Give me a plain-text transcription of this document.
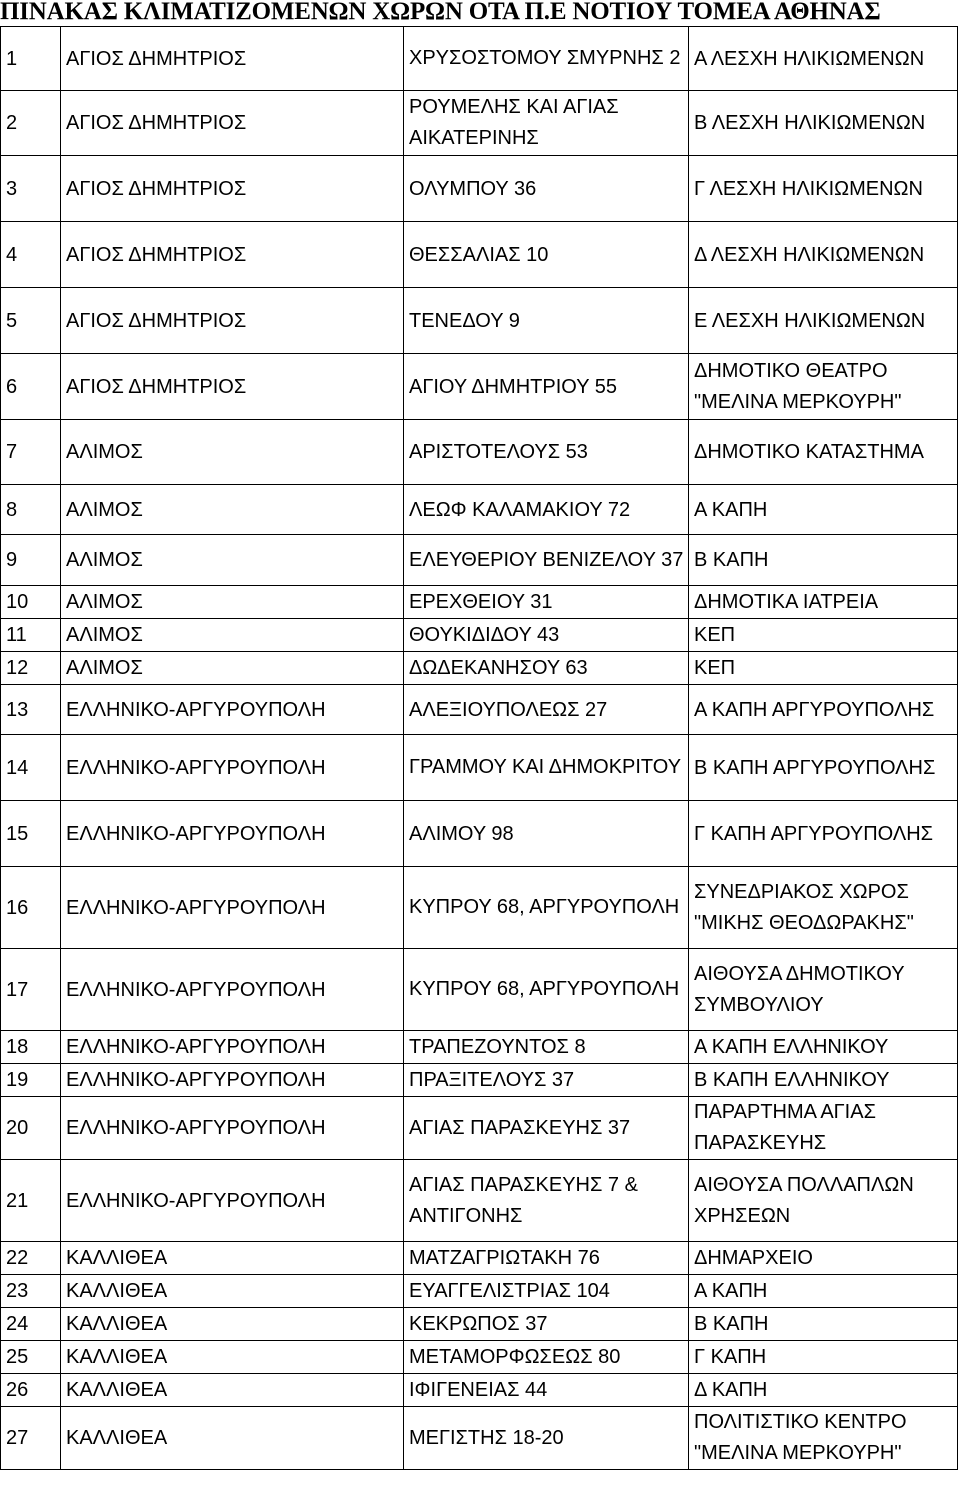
ΠΙΝΑΚΑΣ ΚΛΙΜΑΤΙΖΟΜΕΝΩΝ ΧΩΡΩΝ ΟΤΑ Π.Ε ΝΟΤΙΟΥ ΤΟΜΕΑ ΑΘΗΝΑΣ
1	ΑΓΙΟΣ ΔΗΜΗΤΡΙΟΣ	ΧΡΥΣΟΣΤΟΜΟΥ ΣΜΥΡΝΗΣ 2	Α ΛΕΣΧΗ ΗΛΙΚΙΩΜΕΝΩΝ
2	ΑΓΙΟΣ ΔΗΜΗΤΡΙΟΣ	ΡΟΥΜΕΛΗΣ ΚΑΙ ΑΓΙΑΣ ΑΙΚΑΤΕΡΙΝΗΣ	Β ΛΕΣΧΗ ΗΛΙΚΙΩΜΕΝΩΝ
3	ΑΓΙΟΣ ΔΗΜΗΤΡΙΟΣ	ΟΛΥΜΠΟΥ 36	Γ ΛΕΣΧΗ ΗΛΙΚΙΩΜΕΝΩΝ
4	ΑΓΙΟΣ ΔΗΜΗΤΡΙΟΣ	ΘΕΣΣΑΛΙΑΣ 10	Δ ΛΕΣΧΗ ΗΛΙΚΙΩΜΕΝΩΝ
5	ΑΓΙΟΣ ΔΗΜΗΤΡΙΟΣ	ΤΕΝΕΔΟΥ 9	Ε ΛΕΣΧΗ ΗΛΙΚΙΩΜΕΝΩΝ
6	ΑΓΙΟΣ ΔΗΜΗΤΡΙΟΣ	ΑΓΙΟΥ ΔΗΜΗΤΡΙΟΥ 55	ΔΗΜΟΤΙΚΟ ΘΕΑΤΡΟ "ΜΕΛΙΝΑ ΜΕΡΚΟΥΡΗ"
7	ΑΛΙΜΟΣ	ΑΡΙΣΤΟΤΕΛΟΥΣ 53	ΔΗΜΟΤΙΚΟ ΚΑΤΑΣΤΗΜΑ
8	ΑΛΙΜΟΣ	ΛΕΩΦ ΚΑΛΑΜΑΚΙΟΥ 72	Α ΚΑΠΗ
9	ΑΛΙΜΟΣ	ΕΛΕΥΘΕΡΙΟΥ ΒΕΝΙΖΕΛΟΥ 37	Β ΚΑΠΗ
10	ΑΛΙΜΟΣ	ΕΡΕΧΘΕΙΟΥ 31	ΔΗΜΟΤΙΚΑ ΙΑΤΡΕΙΑ
11	ΑΛΙΜΟΣ	ΘΟΥΚΙΔΙΔΟΥ 43	ΚΕΠ
12	ΑΛΙΜΟΣ	ΔΩΔΕΚΑΝΗΣΟΥ 63	ΚΕΠ
13	ΕΛΛΗΝΙΚΟ-ΑΡΓΥΡΟΥΠΟΛΗ	ΑΛΕΞΙΟΥΠΟΛΕΩΣ 27	Α ΚΑΠΗ ΑΡΓΥΡΟΥΠΟΛΗΣ
14	ΕΛΛΗΝΙΚΟ-ΑΡΓΥΡΟΥΠΟΛΗ	ΓΡΑΜΜΟΥ ΚΑΙ ΔΗΜΟΚΡΙΤΟΥ	Β ΚΑΠΗ ΑΡΓΥΡΟΥΠΟΛΗΣ
15	ΕΛΛΗΝΙΚΟ-ΑΡΓΥΡΟΥΠΟΛΗ	ΑΛΙΜΟΥ 98	Γ ΚΑΠΗ ΑΡΓΥΡΟΥΠΟΛΗΣ
16	ΕΛΛΗΝΙΚΟ-ΑΡΓΥΡΟΥΠΟΛΗ	ΚΥΠΡΟΥ 68, ΑΡΓΥΡΟΥΠΟΛΗ	ΣΥΝΕΔΡΙΑΚΟΣ ΧΩΡΟΣ "ΜΙΚΗΣ ΘΕΟΔΩΡΑΚΗΣ"
17	ΕΛΛΗΝΙΚΟ-ΑΡΓΥΡΟΥΠΟΛΗ	ΚΥΠΡΟΥ 68, ΑΡΓΥΡΟΥΠΟΛΗ	ΑΙΘΟΥΣΑ ΔΗΜΟΤΙΚΟΥ ΣΥΜΒΟΥΛΙΟΥ
18	ΕΛΛΗΝΙΚΟ-ΑΡΓΥΡΟΥΠΟΛΗ	ΤΡΑΠΕΖΟΥΝΤΟΣ 8	Α ΚΑΠΗ ΕΛΛΗΝΙΚΟΥ
19	ΕΛΛΗΝΙΚΟ-ΑΡΓΥΡΟΥΠΟΛΗ	ΠΡΑΞΙΤΕΛΟΥΣ 37	Β ΚΑΠΗ ΕΛΛΗΝΙΚΟΥ
20	ΕΛΛΗΝΙΚΟ-ΑΡΓΥΡΟΥΠΟΛΗ	ΑΓΙΑΣ ΠΑΡΑΣΚΕΥΗΣ 37	ΠΑΡΑΡΤΗΜΑ ΑΓΙΑΣ ΠΑΡΑΣΚΕΥΗΣ
21	ΕΛΛΗΝΙΚΟ-ΑΡΓΥΡΟΥΠΟΛΗ	ΑΓΙΑΣ ΠΑΡΑΣΚΕΥΗΣ 7 & ΑΝΤΙΓΟΝΗΣ	ΑΙΘΟΥΣΑ ΠΟΛΛΑΠΛΩΝ ΧΡΗΣΕΩΝ
22	ΚΑΛΛΙΘΕΑ	ΜΑΤΖΑΓΡΙΩΤΑΚΗ 76	ΔΗΜΑΡΧΕΙΟ
23	ΚΑΛΛΙΘΕΑ	ΕΥΑΓΓΕΛΙΣΤΡΙΑΣ 104	Α ΚΑΠΗ
24	ΚΑΛΛΙΘΕΑ	ΚΕΚΡΩΠΟΣ 37	Β ΚΑΠΗ
25	ΚΑΛΛΙΘΕΑ	ΜΕΤΑΜΟΡΦΩΣΕΩΣ 80	Γ ΚΑΠΗ
26	ΚΑΛΛΙΘΕΑ	ΙΦΙΓΕΝΕΙΑΣ 44	Δ ΚΑΠΗ
27	ΚΑΛΛΙΘΕΑ	ΜΕΓΙΣΤΗΣ 18-20	ΠΟΛΙΤΙΣΤΙΚΟ ΚΕΝΤΡΟ "ΜΕΛΙΝΑ ΜΕΡΚΟΥΡΗ"
